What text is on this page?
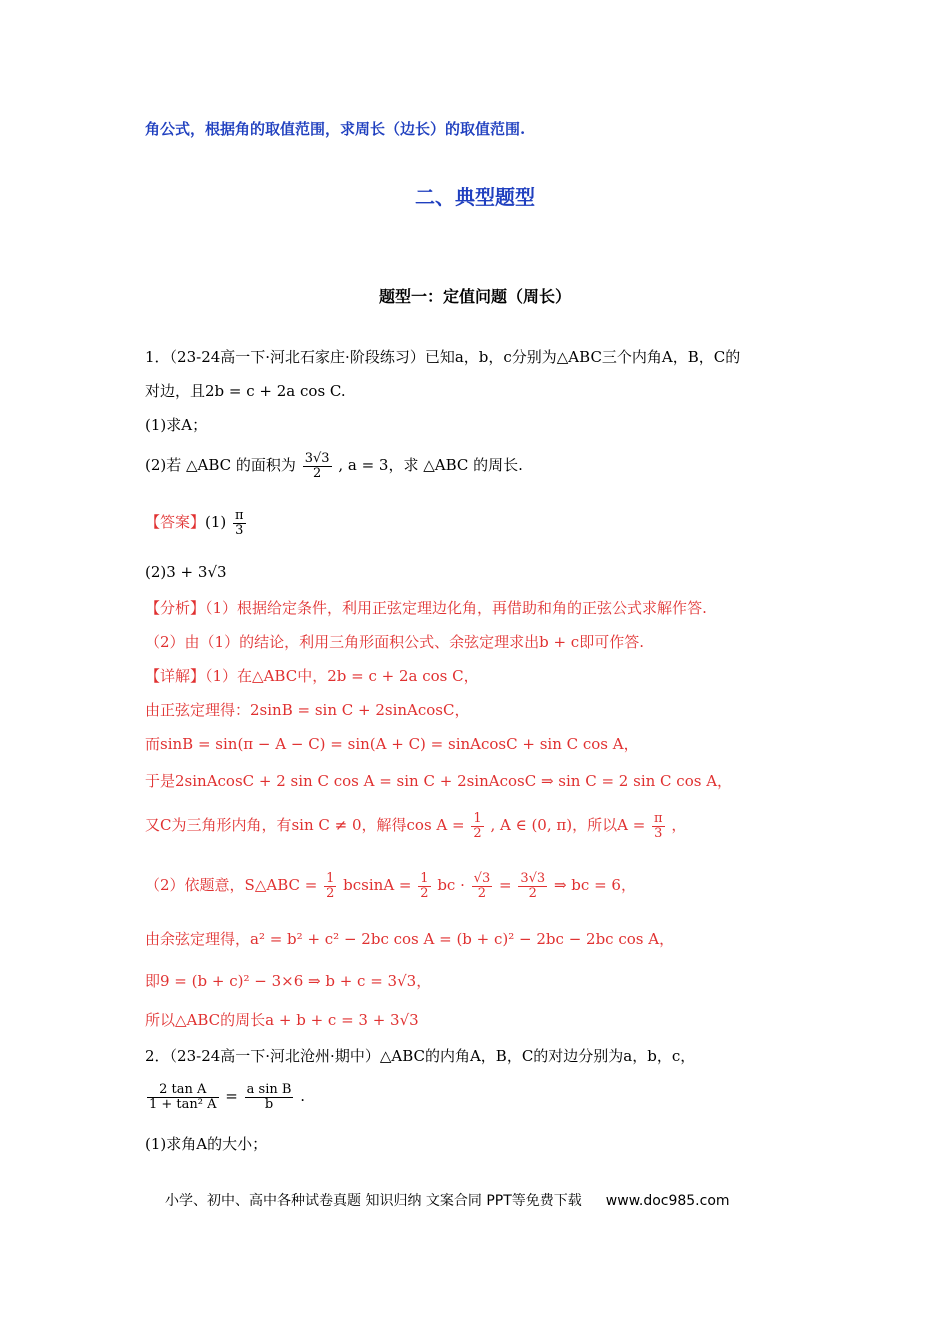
角公式，根据角的取值范围，求周长（边长）的取值范围.
二、典型题型
题型一：定值问题（周长）
1．（23-24高一下·河北石家庄·阶段练习）已知a，b，c分别为△ABC三个内角A，B，C的
对边，且2b = c + 2a cos C.
(1)求A；
(2)若 △ABC 的面积为 $\frac{3√3}{2}$ , a = 3，求 △ABC 的周长.
【答案】$(1) \frac{\pi}{3}$
(2)3 + 3√3
【分析】（1）根据给定条件，利用正弦定理边化角，再借助和角的正弦公式求解作答.
（2）由（1）的结论，利用三角形面积公式、余弦定理求出b + c即可作答.
【详解】（1）在△ABC中，2b = c + 2a cos C，
由正弦定理得：2sinB = sin C + 2sinAcosC，
而sinB = sin(π − A − C) = sin(A + C) = sinAcosC + sin C cos A，
于是2sinAcosC + 2 sin C cos A = sin C + 2sinAcosC ⇒ sin C = 2 sin C cos A，
又C为三角形内角，有sin C ≠ 0，解得$\cos A = \frac{1}{2}$ , A ∈ (0, π)，所以$A = \frac{\pi}{3}$ ，
（2）依题意，S△ABC = $\frac{1}{2}$ $bcsinA = \frac{1}{2}$ bc · $\frac{√3}{2} = \frac{3√3}{2}$ ⇒ bc = 6，
由余弦定理得，a² = b² + c² − 2bc cos A = (b + c)² − 2bc − 2bc cos A，
即9 = (b + c)² − 3×6 ⇒ b + c = 3√3，
所以△ABC的周长a + b + c = 3 + 3√3
2．（23-24高一下·河北沧州·期中）△ABC的内角A，B，C的对边分别为a，b，c，
$\frac{\text{2 tan A}}{\text{1 + tan² A}} = \frac{\text{a sin B}}{b}$ .
(1)求角A的大小；
小学、初中、高中各种试卷真题 知识归纳 文案合同 PPT等免费下载 www.doc985.com
